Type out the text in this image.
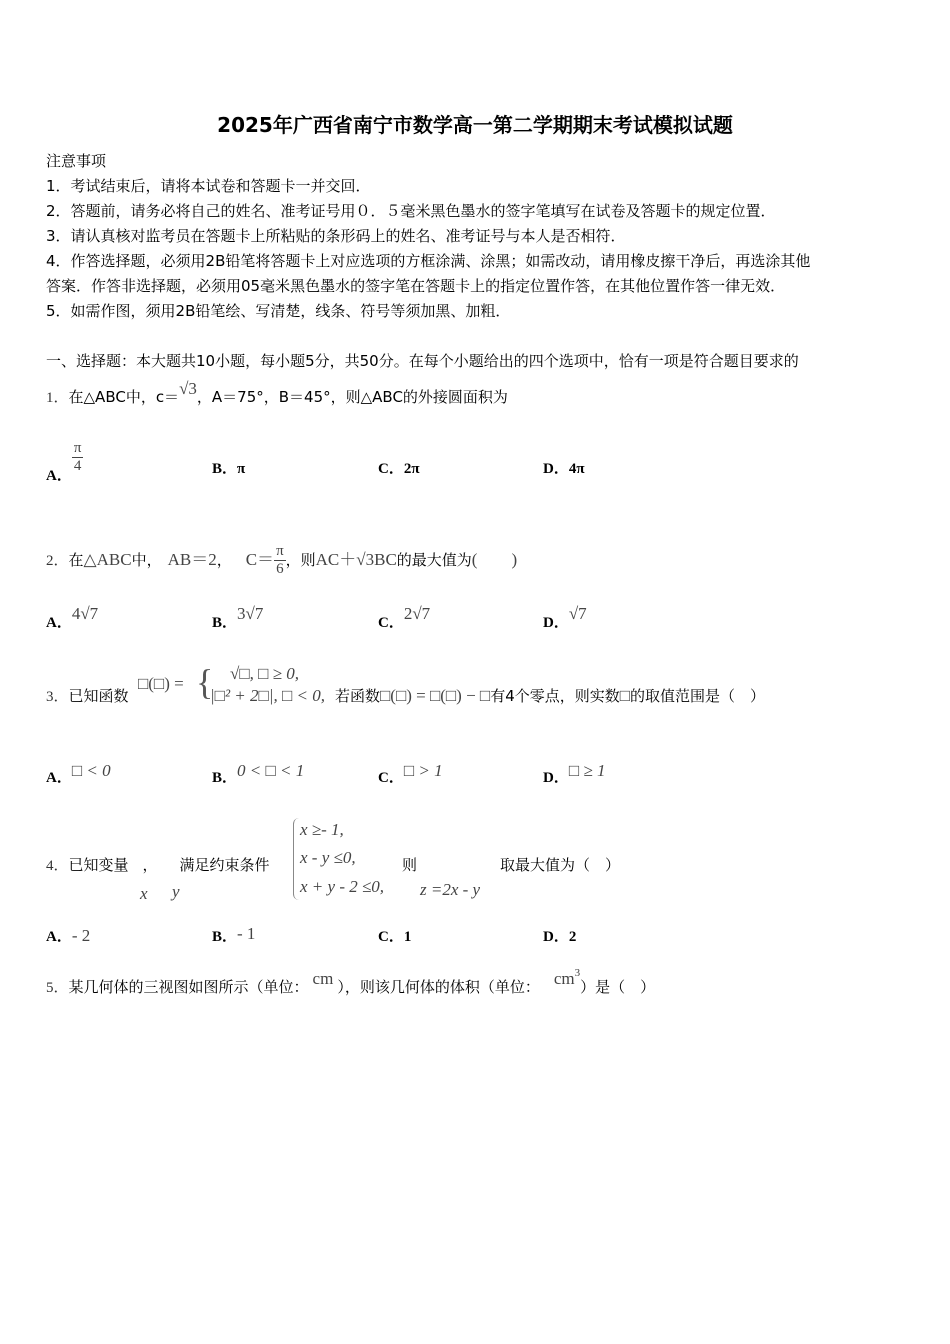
2025年广西省南宁市数学高一第二学期期末考试模拟试题
注意事项
1．考试结束后，请将本试卷和答题卡一并交回．
2．答题前，请务必将自己的姓名、准考证号用０．５毫米黑色墨水的签字笔填写在试卷及答题卡的规定位置．
3．请认真核对监考员在答题卡上所粘贴的条形码上的姓名、准考证号与本人是否相符．
4．作答选择题，必须用2B铅笔将答题卡上对应选项的方框涂满、涂黑；如需改动，请用橡皮擦干净后，再选涂其他
答案．作答非选择题，必须用05毫米黑色墨水的签字笔在答题卡上的指定位置作答，在其他位置作答一律无效．
5．如需作图，须用2B铅笔绘、写清楚，线条、符号等须加黑、加粗．
一、选择题：本大题共10小题，每小题5分，共50分。在每个小题给出的四个选项中，恰有一项是符合题目要求的
1．在△ABC中，c＝√3，A＝75°，B＝45°，则△ABC的外接圆面积为
A．
$\frac{\pi}{4}$	B．π	C．2π	D．4π
2．在△ABC中， AB＝2， $C= \frac{\pi}{6}$ ，则AC＋√3BC的最大值为(　　)
A．4√7	B．3√7	C．2√7	D．√7
3．已知函数
□(□) = { √□, □ ≥ 0,
|□² + 2□|, □ < 0, 若函数□(□) = □(□) − □有4个零点，则实数□的取值范围是（　）
A．□ < 0	B．0 < □ < 1	C．□ > 1	D．□ ≥ 1
4．已知变量 ， 满足约束条件
x y
x ≥- 1,
x - y ≤0,
x + y - 2 ≤0,
则
z =2x - y
取最大值为（　）
A．- 2	B．- 1	C．1	D．2
5．某几何体的三视图如图所示（单位： cm ），则该几何体的体积（单位： $cm^3$）是（　）
